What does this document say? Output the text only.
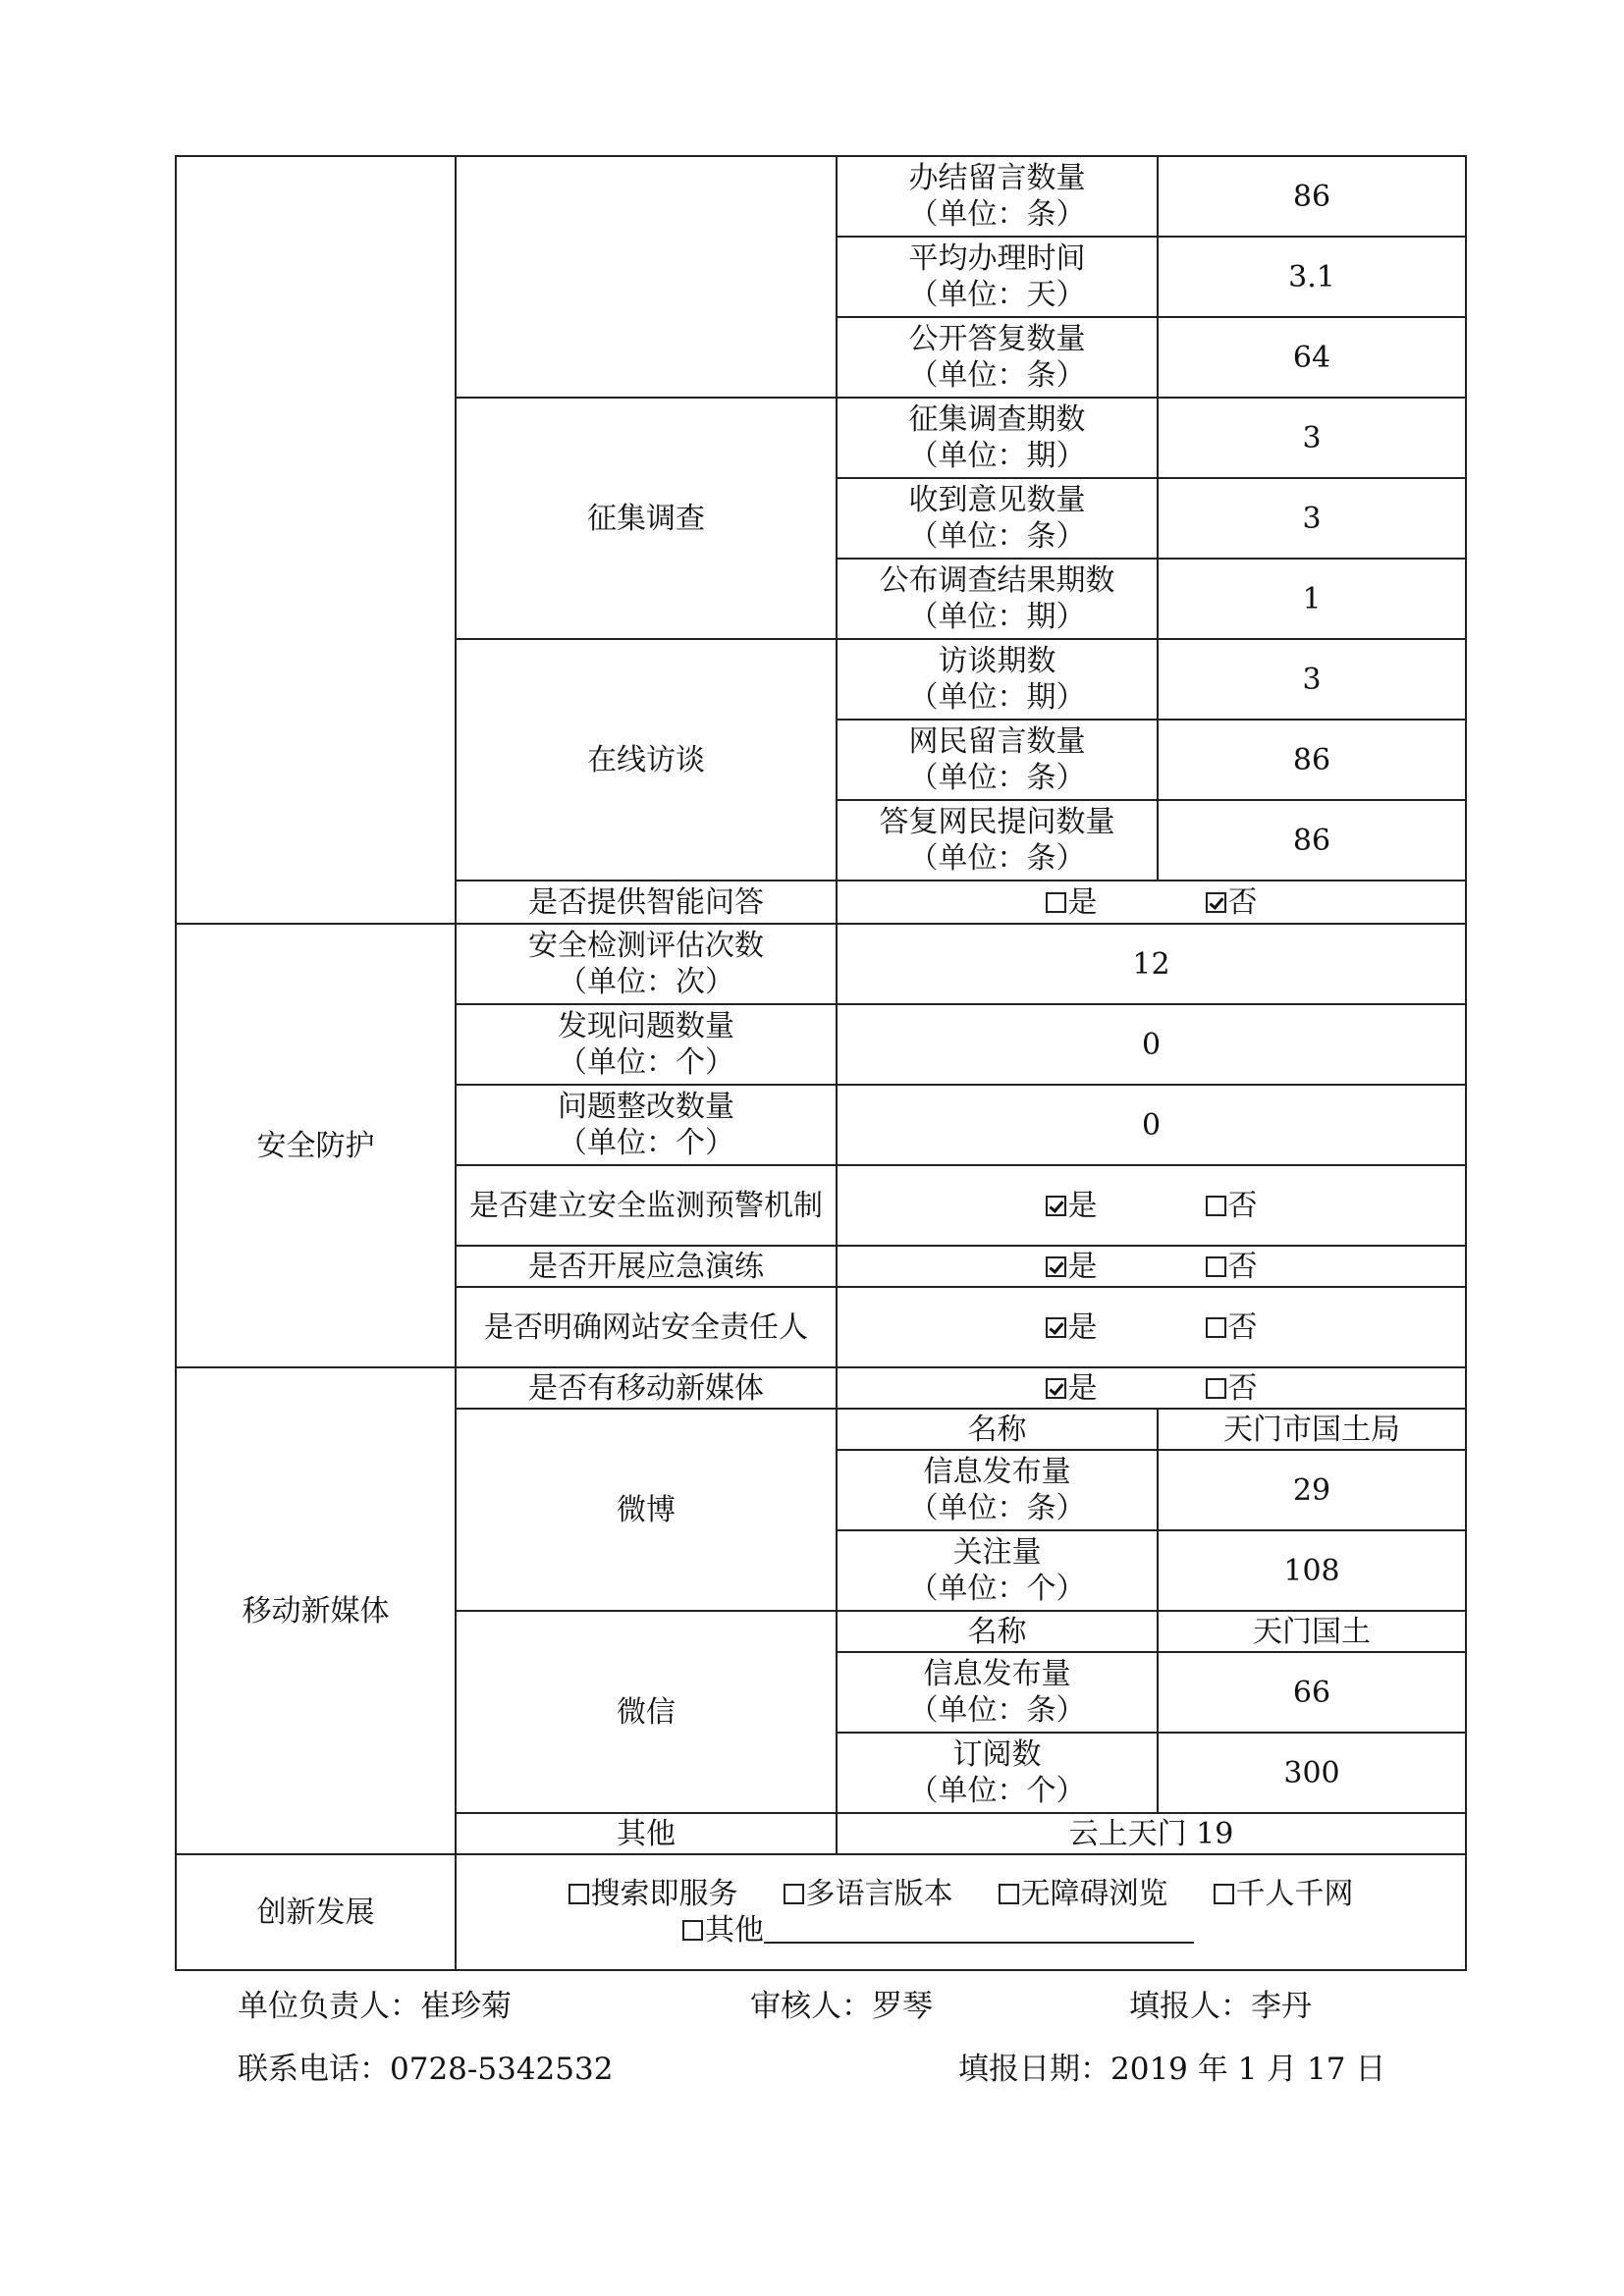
		办结留言数量
（单位：条）	86
		平均办理时间
（单位：天）	3.1
		公开答复数量
（单位：条）	64
	征集调查	征集调查期数
（单位：期）	3
		收到意见数量
（单位：条）	3
		公布调查结果期数
（单位：期）	1
	在线访谈	访谈期数
（单位：期）	3
		网民留言数量
（单位：条）	86
		答复网民提问数量
（单位：条）	86
	是否提供智能问答	是 否	
安全防护	安全检测评估次数
（单位：次）	12	
	发现问题数量
（单位：个）	0	
	问题整改数量
（单位：个）	0	
	是否建立安全监测预警机制	是 否	
	是否开展应急演练	是 否	
	是否明确网站安全责任人	是 否	
移动新媒体	是否有移动新媒体	是 否	
	微博	名称	天门市国土局
		信息发布量
（单位：条）	29
		关注量
（单位：个）	108
	微信	名称	天门国土
		信息发布量
（单位：条）	66
		订阅数
（单位：个）	300
	其他	云上天门 19	
创新发展	搜索即服务 多语言版本 无障碍浏览 千人千网
其他		
单位负责人：崔珍菊	审核人：罗琴	填报人：李丹
联系电话：0728-5342532	填报日期：2019 年 1 月 17 日
